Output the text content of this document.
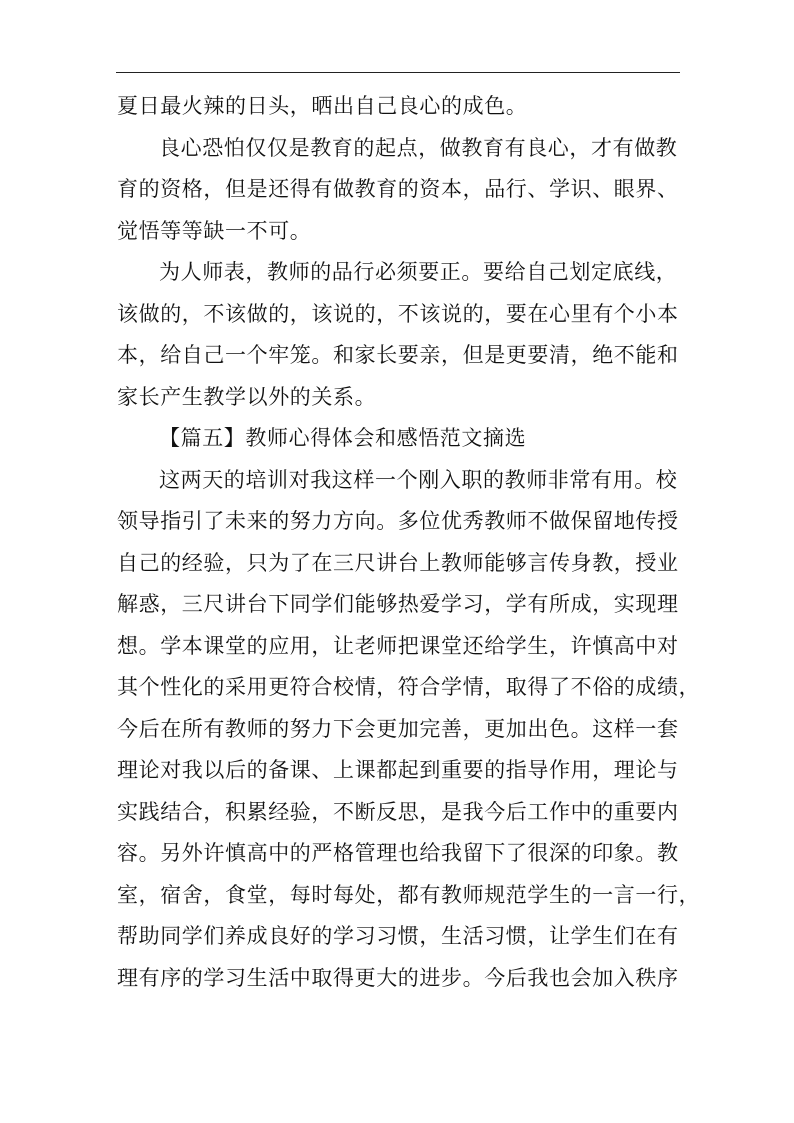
夏日最火辣的日头，晒出自己良心的成色。
良心恐怕仅仅是教育的起点，做教育有良心，才有做教
育的资格，但是还得有做教育的资本，品行、学识、眼界、
觉悟等等缺一不可。
为人师表，教师的品行必须要正。要给自己划定底线，
该做的，不该做的，该说的，不该说的，要在心里有个小本
本，给自己一个牢笼。和家长要亲，但是更要清，绝不能和
家长产生教学以外的关系。
【篇五】教师心得体会和感悟范文摘选
这两天的培训对我这样一个刚入职的教师非常有用。校
领导指引了未来的努力方向。多位优秀教师不做保留地传授
自己的经验，只为了在三尺讲台上教师能够言传身教，授业
解惑，三尺讲台下同学们能够热爱学习，学有所成，实现理
想。学本课堂的应用，让老师把课堂还给学生，许慎高中对
其个性化的采用更符合校情，符合学情，取得了不俗的成绩，
今后在所有教师的努力下会更加完善，更加出色。这样一套
理论对我以后的备课、上课都起到重要的指导作用，理论与
实践结合，积累经验，不断反思，是我今后工作中的重要内
容。另外许慎高中的严格管理也给我留下了很深的印象。教
室，宿舍，食堂，每时每处，都有教师规范学生的一言一行，
帮助同学们养成良好的学习习惯，生活习惯，让学生们在有
理有序的学习生活中取得更大的进步。今后我也会加入秩序
